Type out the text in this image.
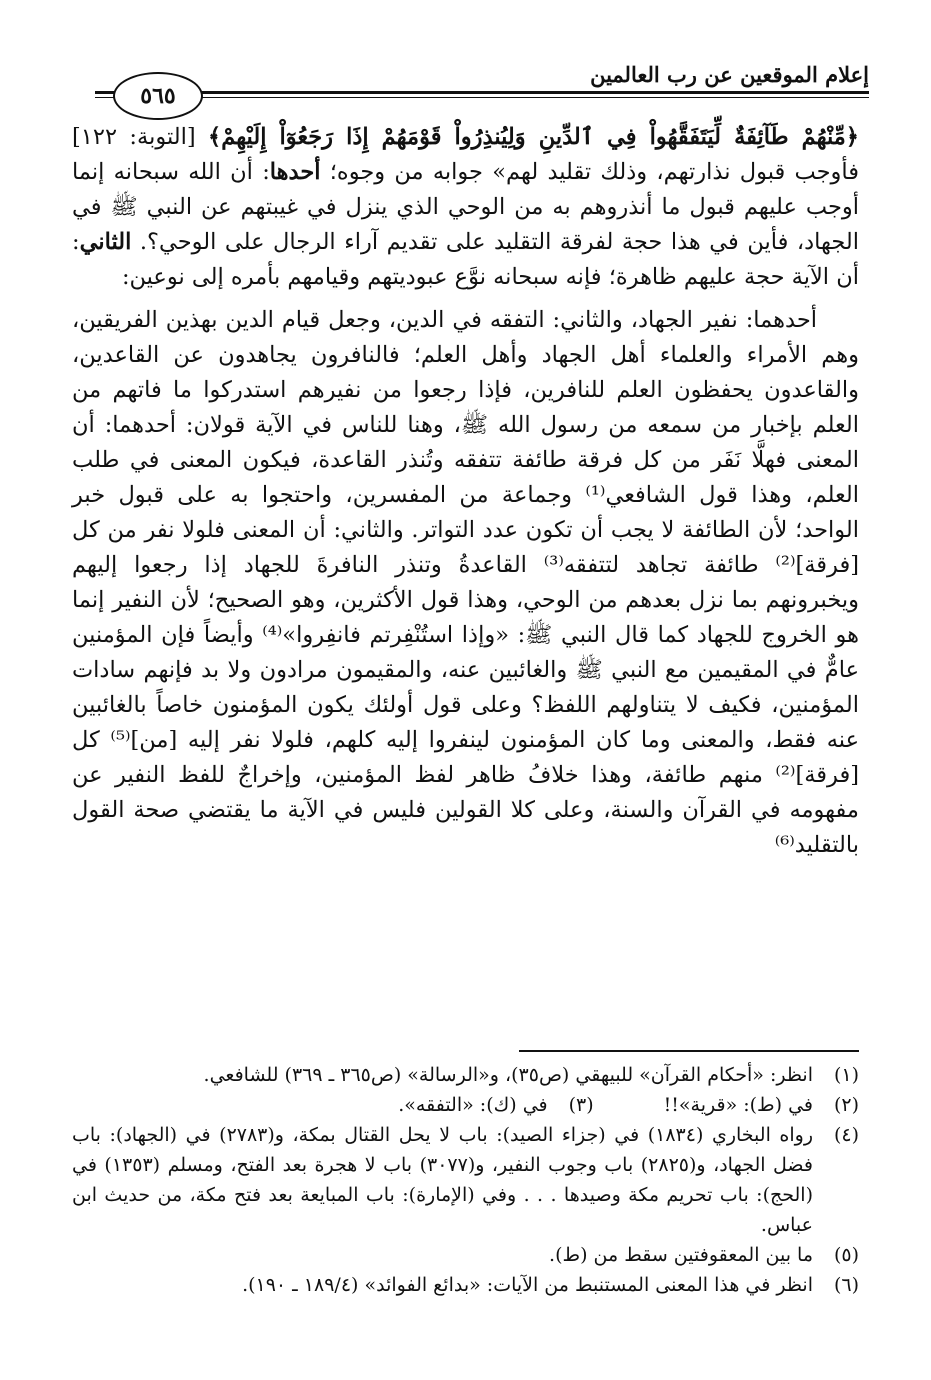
إعلام الموقعين عن رب العالمين
٥٦٥

﴿مِّنْهُمْ طَآئِفَةٌ لِّيَتَفَقَّهُواْ فِي ٱلدِّينِ وَلِيُنذِرُواْ قَوْمَهُمْ إِذَا رَجَعُوٓاْ إِلَيْهِمْ﴾ [التوبة: ١٢٢] فأوجب قبول نذارتهم، وذلك تقليد لهم» جوابه من وجوه؛ أحدها: أن الله سبحانه إنما أوجب عليهم قبول ما أنذروهم به من الوحي الذي ينزل في غيبتهم عن النبي ﷺ في الجهاد، فأين في هذا حجة لفرقة التقليد على تقديم آراء الرجال على الوحي؟. الثاني: أن الآية حجة عليهم ظاهرة؛ فإنه سبحانه نوَّع عبوديتهم وقيامهم بأمره إلى نوعين:

أحدهما: نفير الجهاد، والثاني: التفقه في الدين، وجعل قيام الدين بهذين الفريقين، وهم الأمراء والعلماء أهل الجهاد وأهل العلم؛ فالنافرون يجاهدون عن القاعدين، والقاعدون يحفظون العلم للنافرين، فإذا رجعوا من نفيرهم استدركوا ما فاتهم من العلم بإخبار من سمعه من رسول الله ﷺ، وهنا للناس في الآية قولان: أحدهما: أن المعنى فهلَّا نَفَر من كل فرقة طائفة تتفقه وتُنذر القاعدة، فيكون المعنى في طلب العلم، وهذا قول الشافعي⁽¹⁾ وجماعة من المفسرين، واحتجوا به على قبول خبر الواحد؛ لأن الطائفة لا يجب أن تكون عدد التواتر. والثاني: أن المعنى فلولا نفر من كل [فرقة]⁽²⁾ طائفة تجاهد لتتفقه⁽³⁾ القاعدةُ وتنذر النافرةَ للجهاد إذا رجعوا إليهم ويخبرونهم بما نزل بعدهم من الوحي، وهذا قول الأكثرين، وهو الصحيح؛ لأن النفير إنما هو الخروج للجهاد كما قال النبي ﷺ: «وإذا استُنْفِرتم فانفِروا»⁽⁴⁾ وأيضاً فإن المؤمنين عامٌّ في المقيمين مع النبي ﷺ والغائبين عنه، والمقيمون مرادون ولا بد فإنهم سادات المؤمنين، فكيف لا يتناولهم اللفظ؟ وعلى قول أولئك يكون المؤمنون خاصاً بالغائبين عنه فقط، والمعنى وما كان المؤمنون لينفروا إليه كلهم، فلولا نفر إليه [من]⁽⁵⁾ كل [فرقة]⁽²⁾ منهم طائفة، وهذا خلافُ ظاهر لفظ المؤمنين، وإخراجٌ للفظ النفير عن مفهومه في القرآن والسنة، وعلى كلا القولين فليس في الآية ما يقتضي صحة القول بالتقليد⁽⁶⁾

(١)
انظر: «أحكام القرآن» للبيهقي (ص٣٥)، و«الرسالة» (ص٣٦٥ ـ ٣٦٩) للشافعي.
(٢)
في (ط): «قرية»!!
(٣)
في (ك): «التفقه».
(٤)
رواه البخاري (١٨٣٤) في (جزاء الصيد): باب لا يحل القتال بمكة، و(٢٧٨٣) في (الجهاد): باب فضل الجهاد، و(٢٨٢٥) باب وجوب النفير، و(٣٠٧٧) باب لا هجرة بعد الفتح، ومسلم (١٣٥٣) في (الحج): باب تحريم مكة وصيدها . . . وفي (الإمارة): باب المبايعة بعد فتح مكة، من حديث ابن عباس.
(٥)
ما بين المعقوفتين سقط من (ط).
(٦)
انظر في هذا المعنى المستنبط من الآيات: «بدائع الفوائد» (١٨٩/٤ ـ ١٩٠).
